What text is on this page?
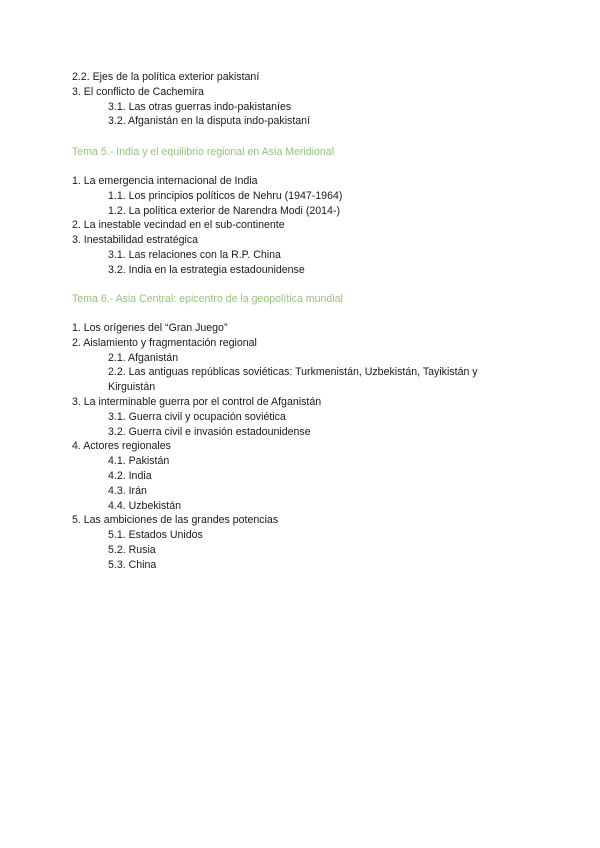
2.2. Ejes de la política exterior pakistaní
3. El conflicto de Cachemira
3.1. Las otras guerras indo-pakistaníes
3.2. Afganistán en la disputa indo-pakistaní
Tema 5.- India y el equilibrio regional en Asia Meridional
1. La emergencia internacional de India
1.1. Los principios políticos de Nehru (1947-1964)
1.2. La política exterior de Narendra Modi (2014-)
2. La inestable vecindad en el sub-continente
3. Inestabilidad estratégica
3.1. Las relaciones con la R.P. China
3.2. India en la estrategia estadounidense
Tema 6.- Asia Central: epicentro de la geopolítica mundial
1. Los orígenes del “Gran Juego”
2. Aislamiento y fragmentación regional
2.1. Afganistán
2.2. Las antiguas repúblicas soviéticas: Turkmenistán, Uzbekistán, Tayikistán y Kirguistán
3. La interminable guerra por el control de Afganistán
3.1. Guerra civil y ocupación soviética
3.2. Guerra civil e invasión estadounidense
4. Actores regionales
4.1. Pakistán
4.2. India
4.3. Irán
4.4. Uzbekistán
5. Las ambiciones de las grandes potencias
5.1. Estados Unidos
5.2. Rusia
5.3. China
